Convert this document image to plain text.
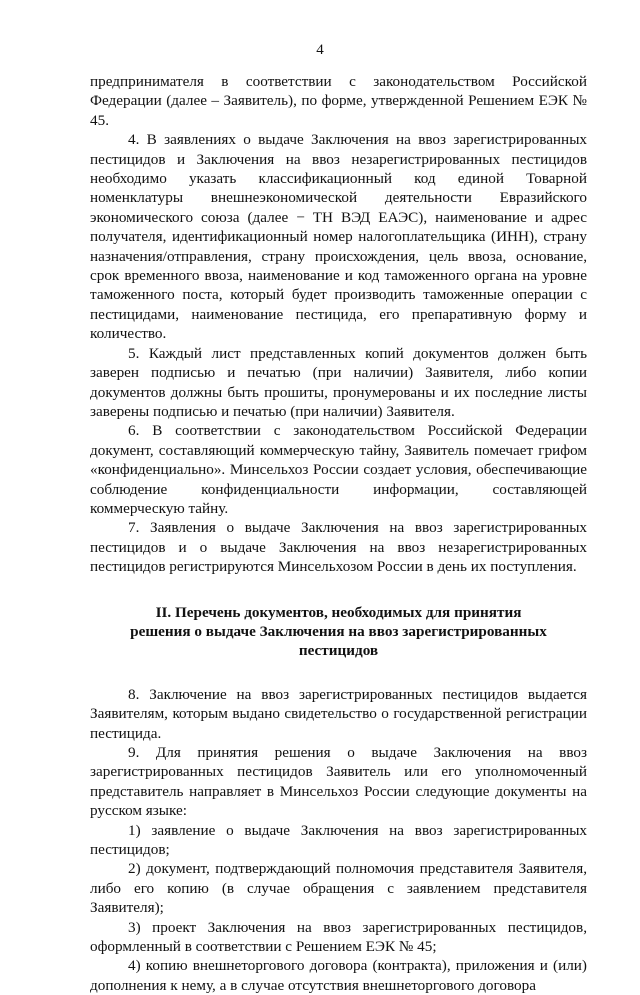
4

предпринимателя в соответствии с законодательством Российской Федерации (далее – Заявитель), по форме, утвержденной Решением ЕЭК № 45.

4. В заявлениях о выдаче Заключения на ввоз зарегистрированных пестицидов и Заключения на ввоз незарегистрированных пестицидов необходимо указать классификационный код единой Товарной номенклатуры внешнеэкономической деятельности Евразийского экономического союза (далее − ТН ВЭД ЕАЭС), наименование и адрес получателя, идентификационный номер налогоплательщика (ИНН), страну назначения/отправления, страну происхождения, цель ввоза, основание, срок временного ввоза, наименование и код таможенного органа на уровне таможенного поста, который будет производить таможенные операции с пестицидами, наименование пестицида, его препаративную форму и количество.

5. Каждый лист представленных копий документов должен быть заверен подписью и печатью (при наличии) Заявителя, либо копии документов должны быть прошиты, пронумерованы и их последние листы заверены подписью и печатью (при наличии) Заявителя.

6. В соответствии с законодательством Российской Федерации документ, составляющий коммерческую тайну, Заявитель помечает грифом «конфиденциально». Минсельхоз России создает условия, обеспечивающие соблюдение конфиденциальности информации, составляющей коммерческую тайну.

7. Заявления о выдаче Заключения на ввоз зарегистрированных пестицидов и о выдаче Заключения на ввоз незарегистрированных пестицидов регистрируются Минсельхозом России в день их поступления.

II. Перечень документов, необходимых для принятия
решения о выдаче Заключения на ввоз зарегистрированных пестицидов

8. Заключение на ввоз зарегистрированных пестицидов выдается Заявителям, которым выдано свидетельство о государственной регистрации пестицида.

9. Для принятия решения о выдаче Заключения на ввоз зарегистрированных пестицидов Заявитель или его уполномоченный представитель направляет в Минсельхоз России следующие документы на русском языке:

1) заявление о выдаче Заключения на ввоз зарегистрированных пестицидов;

2) документ, подтверждающий полномочия представителя Заявителя, либо его копию (в случае обращения с заявлением представителя Заявителя);

3) проект Заключения на ввоз зарегистрированных пестицидов, оформленный в соответствии с Решением ЕЭК № 45;

4) копию внешнеторгового договора (контракта), приложения и (или) дополнения к нему, а в случае отсутствия внешнеторгового договора
